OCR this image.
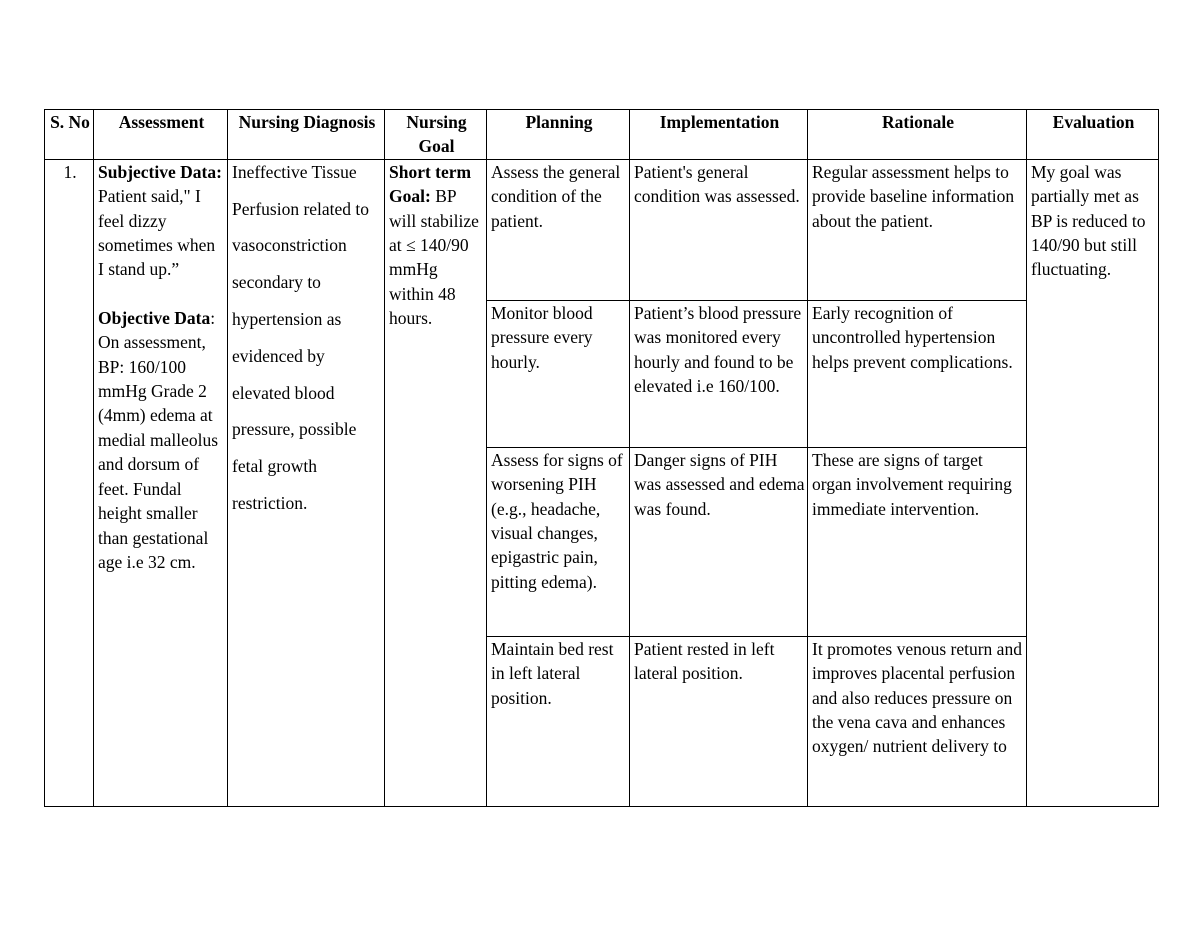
S. No	Assessment	Nursing Diagnosis	Nursing Goal	Planning	Implementation	Rationale	Evaluation
1.	Subjective Data: Patient said," I feel dizzy sometimes when I stand up.”
Objective Data: On assessment, BP: 160/100 mmHg Grade 2 (4mm) edema at medial malleolus and dorsum of feet. Fundal height smaller than gestational age i.e 32 cm.	Ineffective Tissue Perfusion related to vasoconstriction secondary to hypertension as evidenced by elevated blood pressure, possible fetal growth restriction.	Short term Goal: BP will stabilize at ≤ 140/90 mmHg within 48 hours.	Assess the general condition of the patient.	Patient's general condition was assessed.	Regular assessment helps to provide baseline information about the patient.	My goal was partially met as BP is reduced to 140/90 but still fluctuating.
				Monitor blood pressure every hourly.	Patient’s blood pressure was monitored every hourly and found to be elevated i.e 160/100.	Early recognition of uncontrolled hypertension helps prevent complications.	
				Assess for signs of worsening PIH (e.g., headache, visual changes, epigastric pain, pitting edema).	Danger signs of PIH was assessed and edema was found.	These are signs of target organ involvement requiring immediate intervention.	
				Maintain bed rest in left lateral position.	Patient rested in left lateral position.	It promotes venous return and improves placental perfusion and also reduces pressure on the vena cava and enhances oxygen/ nutrient delivery to	
